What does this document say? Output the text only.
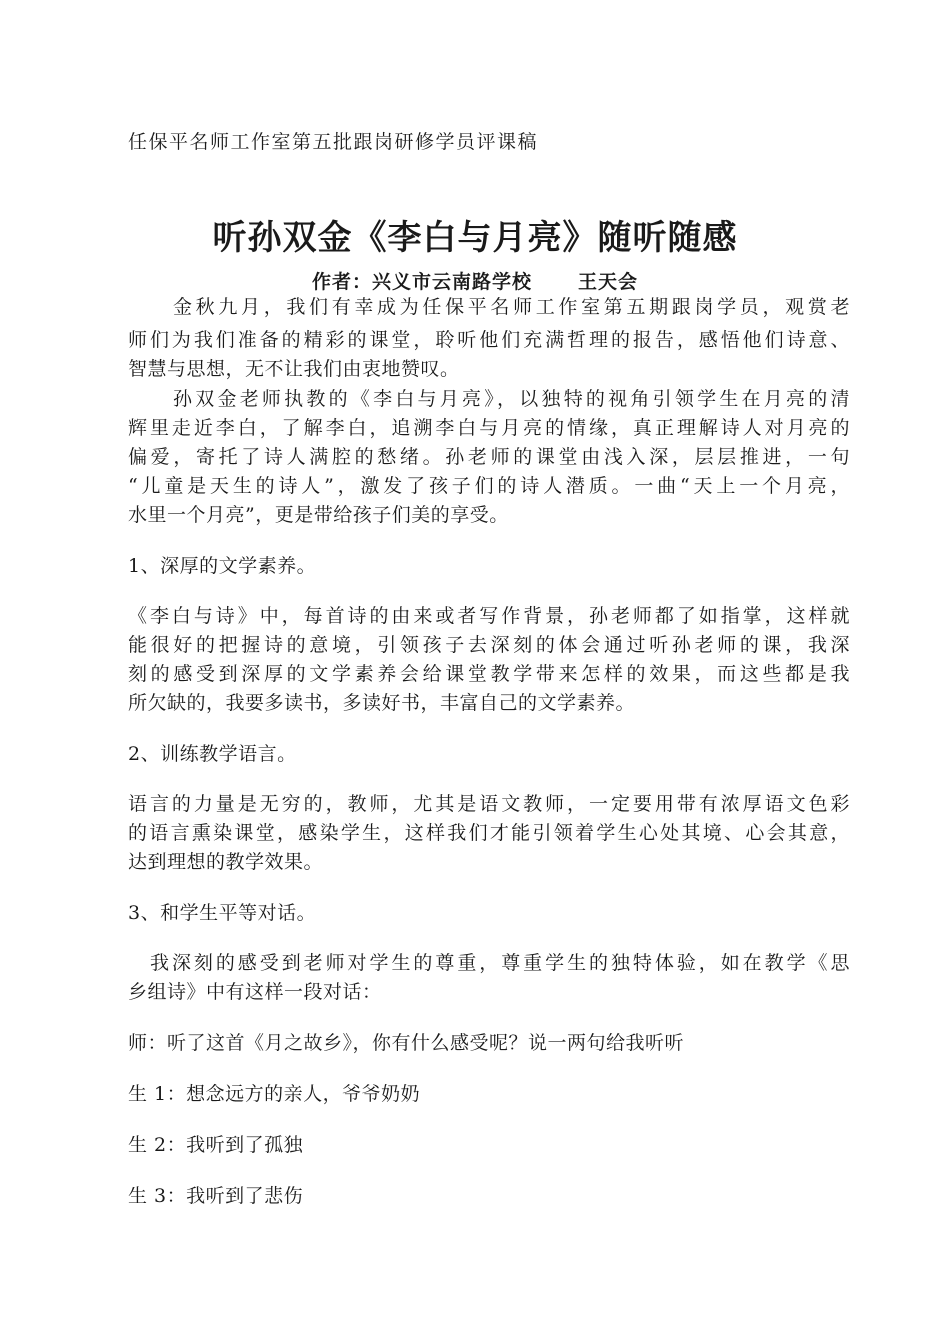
任保平名师工作室第五批跟岗研修学员评课稿
听孙双金《李白与月亮》随听随感
作者：兴义市云南路学校 王天会
金秋九月，我们有幸成为任保平名师工作室第五期跟岗学员，观赏老
师们为我们准备的精彩的课堂，聆听他们充满哲理的报告，感悟他们诗意、
智慧与思想，无不让我们由衷地赞叹。
孙双金老师执教的《李白与月亮》，以独特的视角引领学生在月亮的清
辉里走近李白，了解李白，追溯李白与月亮的情缘，真正理解诗人对月亮的
偏爱，寄托了诗人满腔的愁绪。孙老师的课堂由浅入深，层层推进，一句
“儿童是天生的诗人”，激发了孩子们的诗人潜质。一曲“天上一个月亮，
水里一个月亮”，更是带给孩子们美的享受。
1、深厚的文学素养。
《李白与诗》中，每首诗的由来或者写作背景，孙老师都了如指掌，这样就
能很好的把握诗的意境，引领孩子去深刻的体会通过听孙老师的课，我深
刻的感受到深厚的文学素养会给课堂教学带来怎样的效果，而这些都是我
所欠缺的，我要多读书，多读好书，丰富自己的文学素养。
2、训练教学语言。
语言的力量是无穷的，教师，尤其是语文教师，一定要用带有浓厚语文色彩
的语言熏染课堂，感染学生，这样我们才能引领着学生心处其境、心会其意，
达到理想的教学效果。
3、和学生平等对话。
我深刻的感受到老师对学生的尊重，尊重学生的独特体验，如在教学《思
乡组诗》中有这样一段对话：
师：听了这首《月之故乡》，你有什么感受呢？说一两句给我听听
生 1：想念远方的亲人，爷爷奶奶
生 2：我听到了孤独
生 3：我听到了悲伤
